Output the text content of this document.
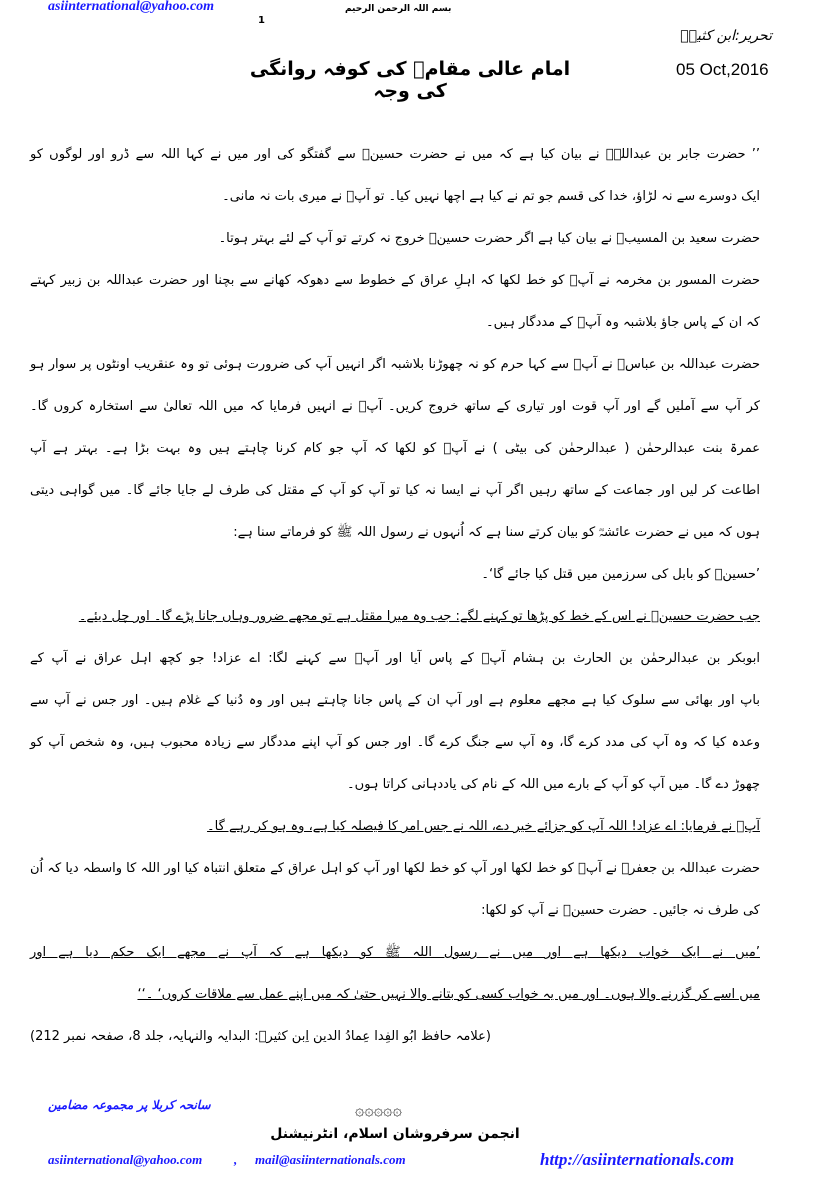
asiinternational@yahoo.com	بسم اللہ الرحمن الرحیم
1
تحریر:ابن کثیرؒ
05 Oct,2016
امام عالی مقامؑ کی کوفہ روانگی کی وجہ
’’ حضرت جابر بن عبداللہؓ نے بیان کیا ہے کہ میں نے حضرت حسینؑ سے گفتگو کی اور میں نے کہا اللہ سے ڈرو اور لوگوں کو
ایک دوسرے سے نہ لڑاؤ، خدا کی قسم جو تم نے کیا ہے اچھا نہیں کیا۔ تو آپؑ نے میری بات نہ مانی۔
حضرت سعید بن المسیبؒ نے بیان کیا ہے اگر حضرت حسینؑ خروج نہ کرتے تو آپ کے لئے بہتر ہوتا۔
حضرت المسور بن مخرمہ نے آپؑ کو خط لکھا کہ اہلِ عراق کے خطوط سے دھوکہ کھانے سے بچنا اور حضرت عبداللہ بن زبیر کہتے
کہ ان کے پاس جاؤ بلاشبہ وہ آپؑ کے مددگار ہیں۔
حضرت عبداللہ بن عباسؓ نے آپؑ سے کہا حرم کو نہ چھوڑنا بلاشبہ اگر انہیں آپ کی ضرورت ہوئی تو وہ عنقریب اونٹوں پر سوار ہو
کر آپ سے آملیں گے اور آپ قوت اور تیاری کے ساتھ خروج کریں۔ آپؑ نے انہیں فرمایا کہ میں اللہ تعالیٰ سے استخارہ کروں گا۔
عمرۃ بنت عبدالرحمٰن ( عبدالرحمٰن کی بیٹی ) نے آپؑ کو لکھا کہ آپ جو کام کرنا چاہتے ہیں وہ بہت بڑا ہے۔ بہتر ہے آپ
اطاعت کر لیں اور جماعت کے ساتھ رہیں اگر آپ نے ایسا نہ کیا تو آپ کو آپ کے مقتل کی طرف لے جایا جائے گا۔ میں گواہی دیتی
ہوں کہ میں نے حضرت عائشہؓ کو بیان کرتے سنا ہے کہ اُنہوں نے رسول اللہ ﷺ کو فرماتے سنا ہے:
’حسینؑ کو بابل کی سرزمین میں قتل کیا جائے گا‘۔
جب حضرت حسینؑ نے اس کے خط کو پڑھا تو کہنے لگے: جب وہ میرا مقتل ہے تو مجھے ضرور وہاں جانا پڑے گا۔ اور چل دیئے۔
ابوبکر بن عبدالرحمٰن بن الحارث بن ہشام آپؑ کے پاس آیا اور آپؑ سے کہنے لگا: اے عزاد! جو کچھ اہل عراق نے آپ کے
باپ اور بھائی سے سلوک کیا ہے مجھے معلوم ہے اور آپ ان کے پاس جانا چاہتے ہیں اور وہ دُنیا کے غلام ہیں۔ اور جس نے آپ سے
وعدہ کیا کہ وہ آپ کی مدد کرے گا، وہ آپ سے جنگ کرے گا۔ اور جس کو آپ اپنے مددگار سے زیادہ محبوب ہیں، وہ شخص آپ کو
چھوڑ دے گا۔ میں آپ کو آپ کے بارے میں اللہ کے نام کی یاددہانی کراتا ہوں۔
آپؑ نے فرمایا: اے عزاد! اللہ آپ کو جزائے خیر دے، اللہ نے جس امر کا فیصلہ کیا ہے، وہ ہو کر رہے گا۔
حضرت عبداللہ بن جعفرؓ نے آپؑ کو خط لکھا اور آپ کو خط لکھا اور آپ کو اہل عراق کے متعلق انتباہ کیا اور اللہ کا واسطہ دیا کہ اُن
کی طرف نہ جائیں۔ حضرت حسینؑ نے آپ کو لکھا:
’میں نے ایک خواب دیکھا ہے اور میں نے رسول اللہ ﷺ کو دیکھا ہے کہ آپ نے مجھے ایک حکم دیا ہے اور
میں اسے کر گزرنے والا ہوں۔ اور میں یہ خواب کسی کو بتانے والا نہیں حتیٰ کہ میں اپنے عمل سے ملاقات کروں‘ ۔‘‘
(علامہ حافظ ابُو الفِدا عِمادُ الدین اِبن کثیرؒ: البدایہ والنہایہ، جلد 8، صفحہ نمبر 212)
سانحہ کربلا پر مجموعہ مضامین	۞۞۞۞۞
انجمن سرفروشان اسلام، انٹرنیشنل
asiinternational@yahoo.com , mail@asiinternationals.com	http://asiinternationals.com
